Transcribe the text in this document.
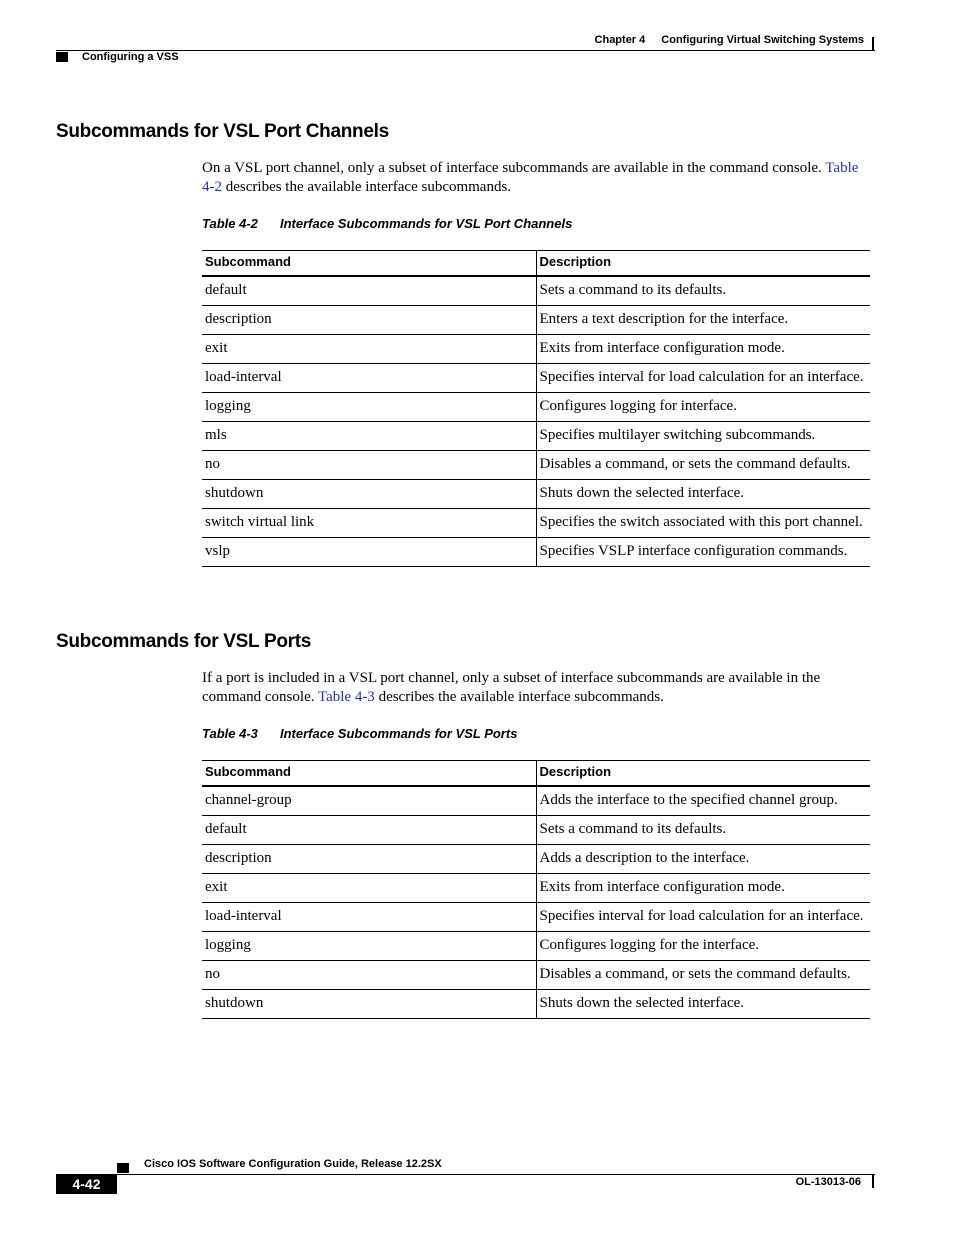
Chapter 4 Configuring Virtual Switching Systems
Configuring a VSS
Subcommands for VSL Port Channels

On a VSL port channel, only a subset of interface subcommands are available in the command console. Table 4-2 describes the available interface subcommands.

Table 4-2 Interface Subcommands for VSL Port Channels

Subcommand	Description
default	Sets a command to its defaults.
description	Enters a text description for the interface.
exit	Exits from interface configuration mode.
load-interval	Specifies interval for load calculation for an interface.
logging	Configures logging for interface.
mls	Specifies multilayer switching subcommands.
no	Disables a command, or sets the command defaults.
shutdown	Shuts down the selected interface.
switch virtual link	Specifies the switch associated with this port channel.
vslp	Specifies VSLP interface configuration commands.
Subcommands for VSL Ports

If a port is included in a VSL port channel, only a subset of interface subcommands are available in the command console. Table 4-3 describes the available interface subcommands.

Table 4-3 Interface Subcommands for VSL Ports

Subcommand	Description
channel-group	Adds the interface to the specified channel group.
default	Sets a command to its defaults.
description	Adds a description to the interface.
exit	Exits from interface configuration mode.
load-interval	Specifies interval for load calculation for an interface.
logging	Configures logging for the interface.
no	Disables a command, or sets the command defaults.
shutdown	Shuts down the selected interface.
Cisco IOS Software Configuration Guide, Release 12.2SX
4-42	OL-13013-06
